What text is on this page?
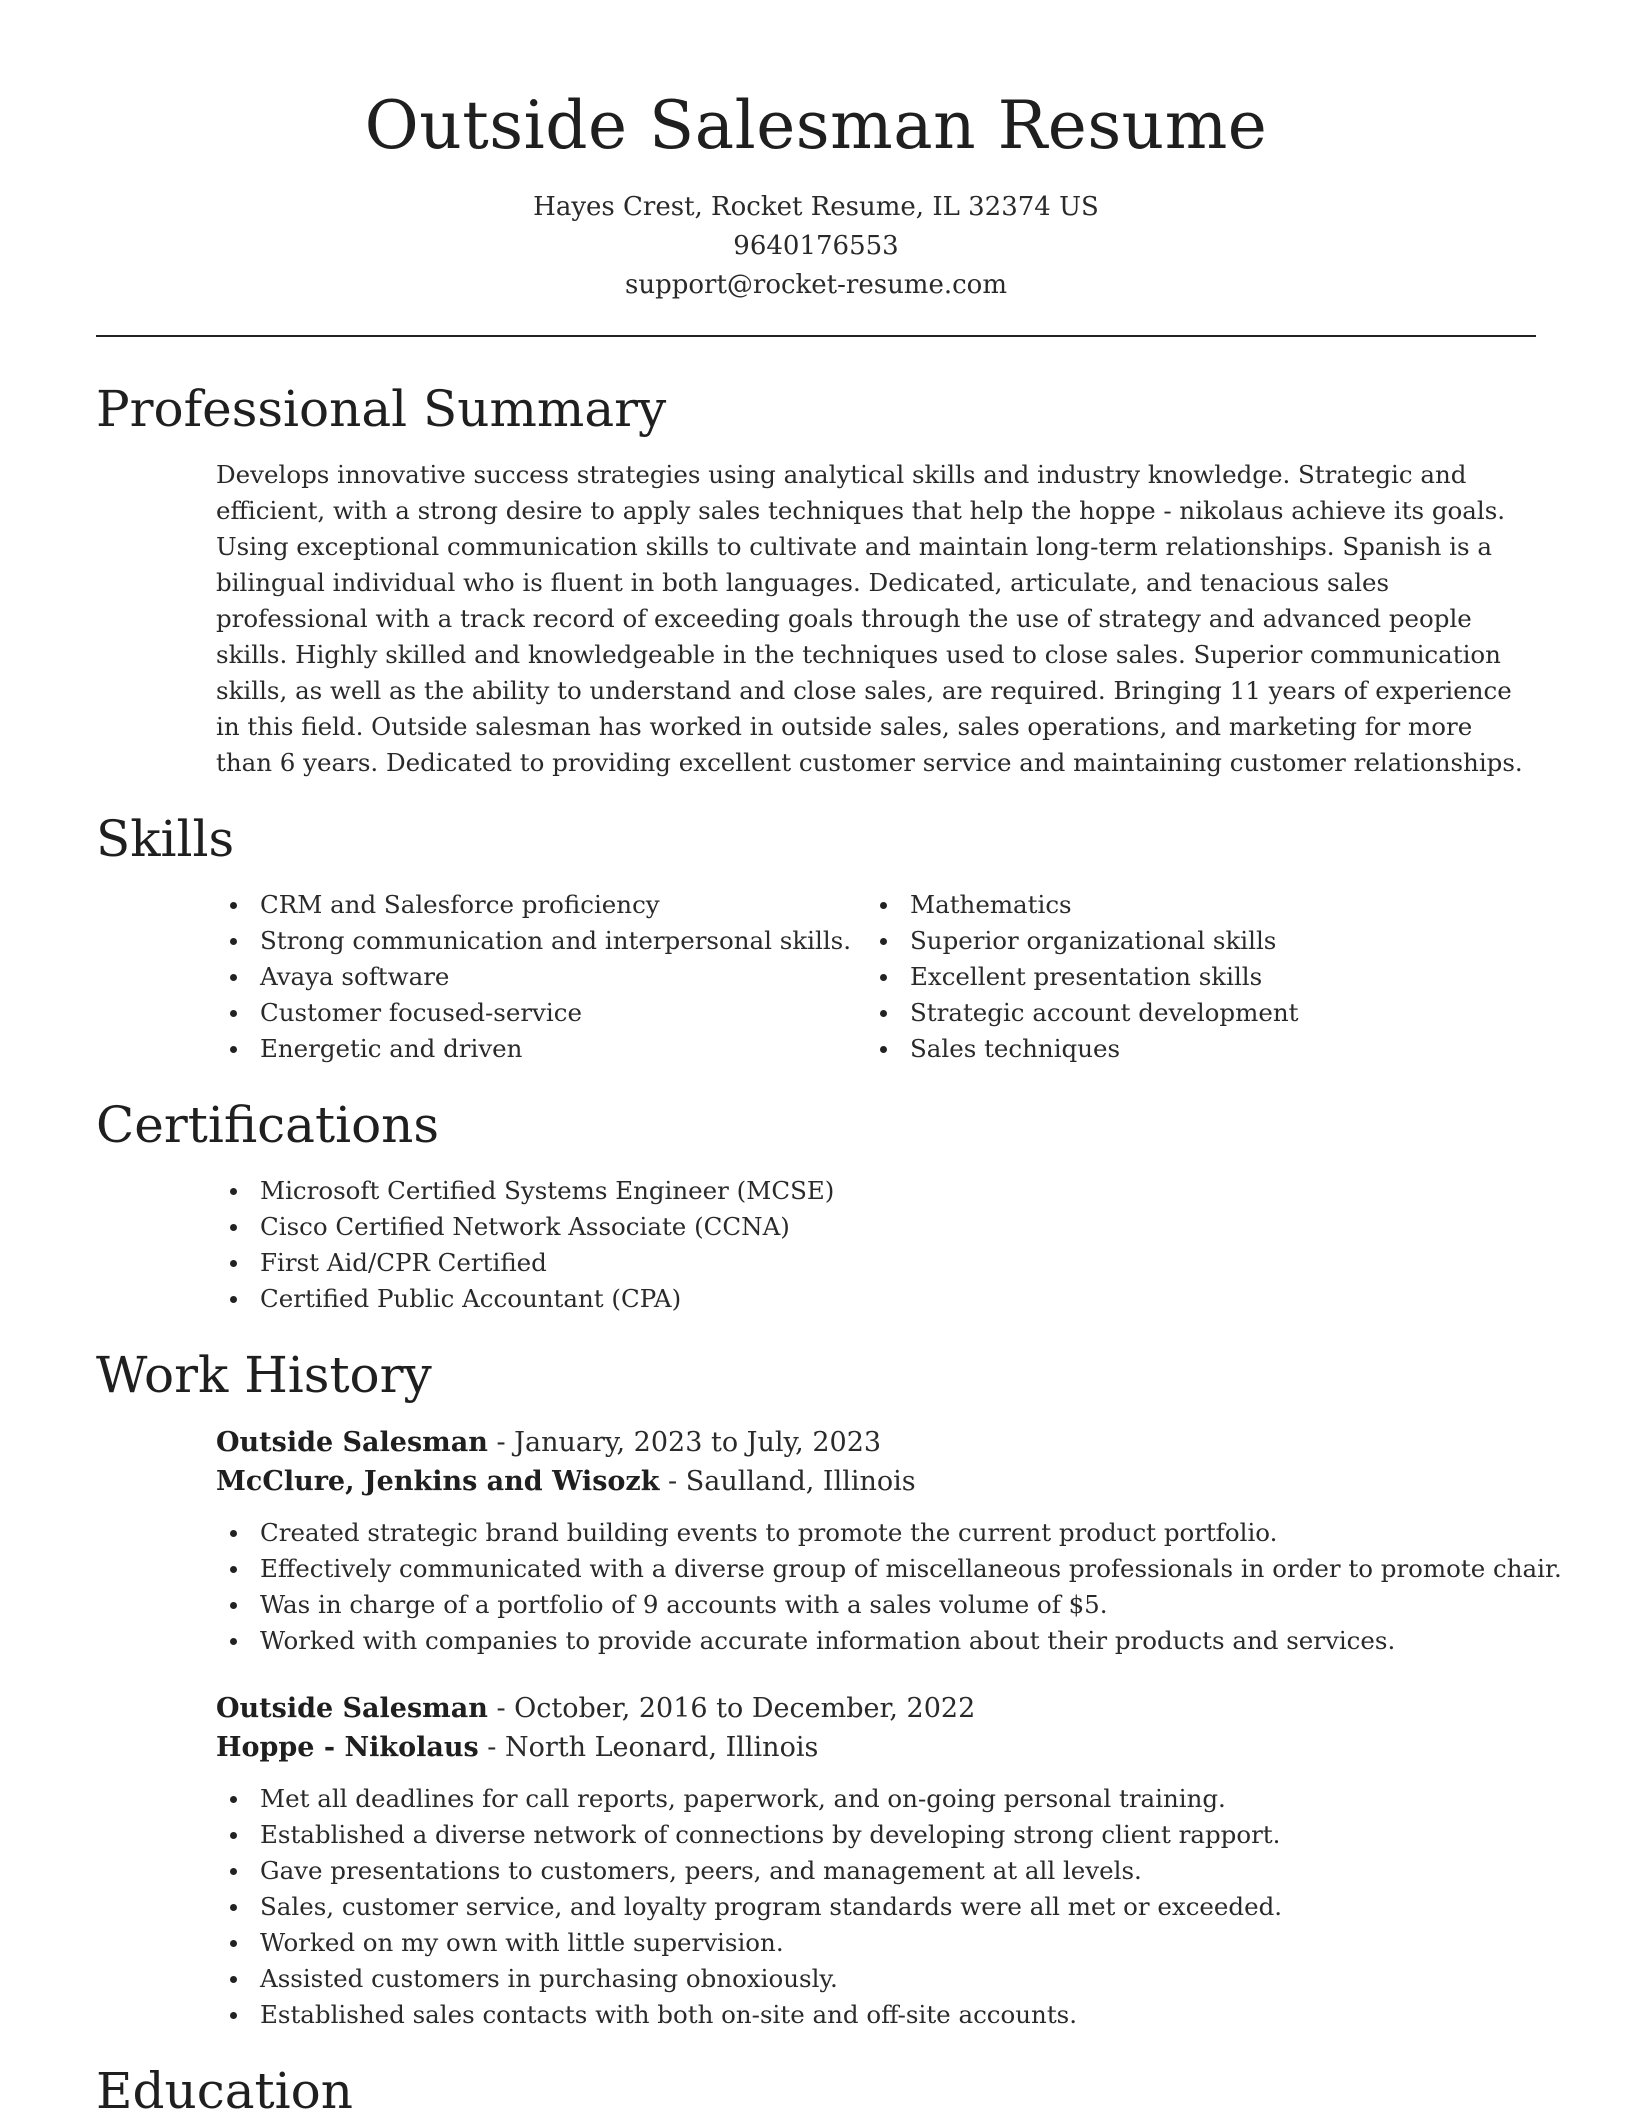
Outside Salesman Resume
Hayes Crest, Rocket Resume, IL 32374 US
9640176553
support@rocket-resume.com
Professional Summary

Develops innovative success strategies using analytical skills and industry knowledge. Strategic and efficient, with a strong desire to apply sales techniques that help the hoppe - nikolaus achieve its goals. Using exceptional communication skills to cultivate and maintain long-term relationships. Spanish is a bilingual individual who is fluent in both languages. Dedicated, articulate, and tenacious sales professional with a track record of exceeding goals through the use of strategy and advanced people skills. Highly skilled and knowledgeable in the techniques used to close sales. Superior communication skills, as well as the ability to understand and close sales, are required. Bringing 11 years of experience in this field. Outside salesman has worked in outside sales, sales operations, and marketing for more than 6 years. Dedicated to providing excellent customer service and maintaining customer relationships.

Skills
CRM and Salesforce proficiency
Strong communication and interpersonal skills.
Avaya software
Customer focused-service
Energetic and driven
Mathematics
Superior organizational skills
Excellent presentation skills
Strategic account development
Sales techniques
Certifications
Microsoft Certified Systems Engineer (MCSE)
Cisco Certified Network Associate (CCNA)
First Aid/CPR Certified
Certified Public Accountant (CPA)
Work History
Outside Salesman - January, 2023 to July, 2023
McClure, Jenkins and Wisozk - Saulland, Illinois
Created strategic brand building events to promote the current product portfolio.
Effectively communicated with a diverse group of miscellaneous professionals in order to promote chair.
Was in charge of a portfolio of 9 accounts with a sales volume of $5.
Worked with companies to provide accurate information about their products and services.
Outside Salesman - October, 2016 to December, 2022
Hoppe - Nikolaus - North Leonard, Illinois
Met all deadlines for call reports, paperwork, and on-going personal training.
Established a diverse network of connections by developing strong client rapport.
Gave presentations to customers, peers, and management at all levels.
Sales, customer service, and loyalty program standards were all met or exceeded.
Worked on my own with little supervision.
Assisted customers in purchasing obnoxiously.
Established sales contacts with both on-site and off-site accounts.
Education
